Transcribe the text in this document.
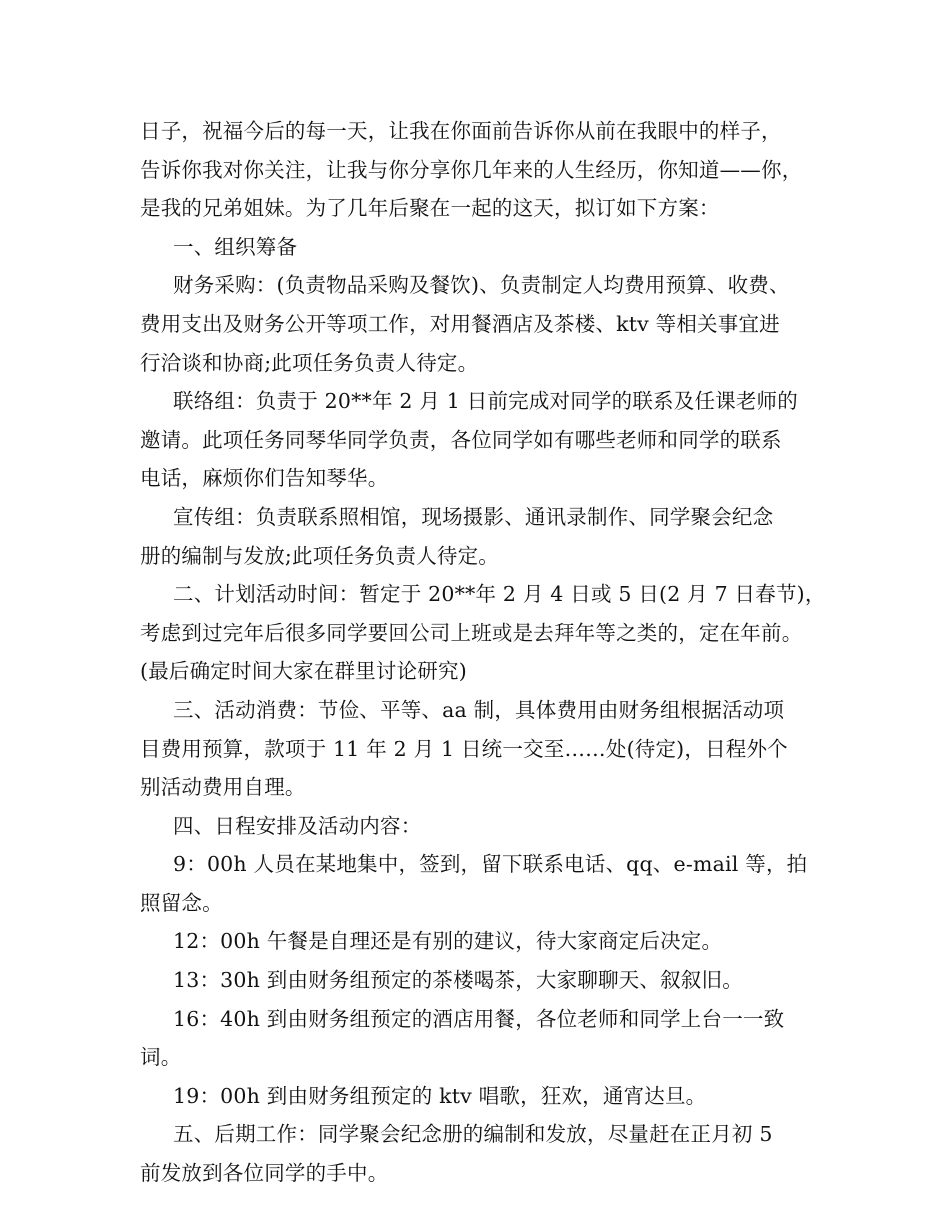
日子，祝福今后的每一天，让我在你面前告诉你从前在我眼中的样子，
告诉你我对你关注，让我与你分享你几年来的人生经历，你知道——你，
是我的兄弟姐妹。为了几年后聚在一起的这天，拟订如下方案：
一、组织筹备
财务采购：(负责物品采购及餐饮)、负责制定人均费用预算、收费、
费用支出及财务公开等项工作，对用餐酒店及茶楼、ktv 等相关事宜进
行洽谈和协商;此项任务负责人待定。
联络组：负责于 20**年 2 月 1 日前完成对同学的联系及任课老师的
邀请。此项任务同琴华同学负责，各位同学如有哪些老师和同学的联系
电话，麻烦你们告知琴华。
宣传组：负责联系照相馆，现场摄影、通讯录制作、同学聚会纪念
册的编制与发放;此项任务负责人待定。
二、计划活动时间：暂定于 20**年 2 月 4 日或 5 日(2 月 7 日春节)，
考虑到过完年后很多同学要回公司上班或是去拜年等之类的，定在年前。
(最后确定时间大家在群里讨论研究)
三、活动消费：节俭、平等、aa 制，具体费用由财务组根据活动项
目费用预算，款项于 11 年 2 月 1 日统一交至……处(待定)，日程外个
别活动费用自理。
四、日程安排及活动内容：
9：00h 人员在某地集中，签到，留下联系电话、qq、e-mail 等，拍
照留念。
12：00h 午餐是自理还是有别的建议，待大家商定后决定。
13：30h 到由财务组预定的茶楼喝茶，大家聊聊天、叙叙旧。
16：40h 到由财务组预定的酒店用餐，各位老师和同学上台一一致
词。
19：00h 到由财务组预定的 ktv 唱歌，狂欢，通宵达旦。
五、后期工作：同学聚会纪念册的编制和发放，尽量赶在正月初 5
前发放到各位同学的手中。
